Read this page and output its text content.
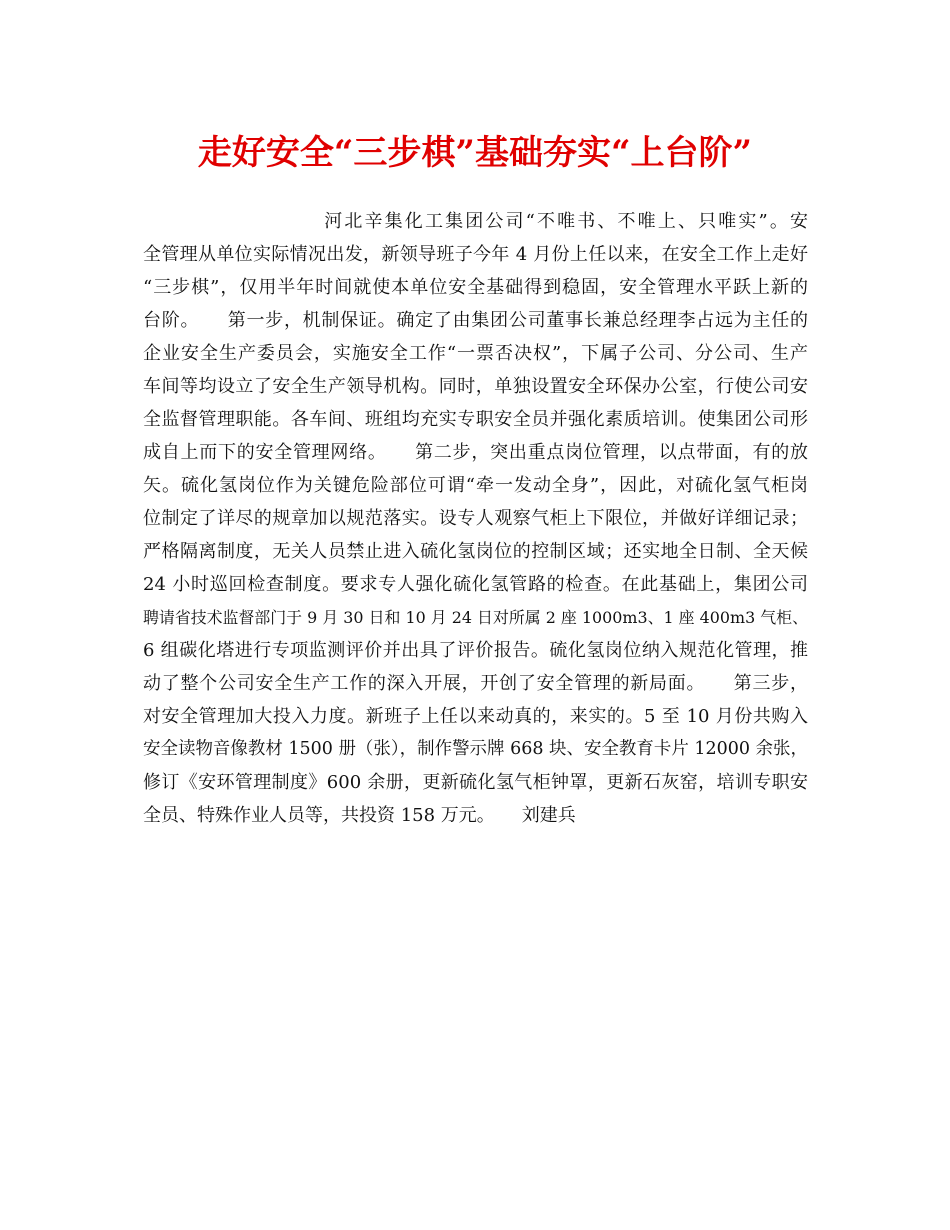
走好安全“三步棋”基础夯实“上台阶”
　　　　　　　　　河北辛集化工集团公司“不唯书、不唯上、只唯实”。安
全管理从单位实际情况出发，新领导班子今年 4 月份上任以来，在安全工作上走好
“三步棋”，仅用半年时间就使本单位安全基础得到稳固，安全管理水平跃上新的
台阶。　　第一步，机制保证。确定了由集团公司董事长兼总经理李占远为主任的
企业安全生产委员会，实施安全工作“一票否决权”，下属子公司、分公司、生产
车间等均设立了安全生产领导机构。同时，单独设置安全环保办公室，行使公司安
全监督管理职能。各车间、班组均充实专职安全员并强化素质培训。使集团公司形
成自上而下的安全管理网络。　　第二步，突出重点岗位管理，以点带面，有的放
矢。硫化氢岗位作为关键危险部位可谓“牵一发动全身”，因此，对硫化氢气柜岗
位制定了详尽的规章加以规范落实。设专人观察气柜上下限位，并做好详细记录；
严格隔离制度，无关人员禁止进入硫化氢岗位的控制区域；还实地全日制、全天候
24 小时巡回检查制度。要求专人强化硫化氢管路的检查。在此基础上，集团公司
聘请省技术监督部门于 9 月 30 日和 10 月 24 日对所属 2 座 1000m3、1 座 400m3 气柜、
6 组碳化塔进行专项监测评价并出具了评价报告。硫化氢岗位纳入规范化管理，推
动了整个公司安全生产工作的深入开展，开创了安全管理的新局面。　　第三步，
对安全管理加大投入力度。新班子上任以来动真的，来实的。5 至 10 月份共购入
安全读物音像教材 1500 册（张），制作警示牌 668 块、安全教育卡片 12000 余张，
修订《安环管理制度》600 余册，更新硫化氢气柜钟罩，更新石灰窑，培训专职安
全员、特殊作业人员等，共投资 158 万元。　　刘建兵
